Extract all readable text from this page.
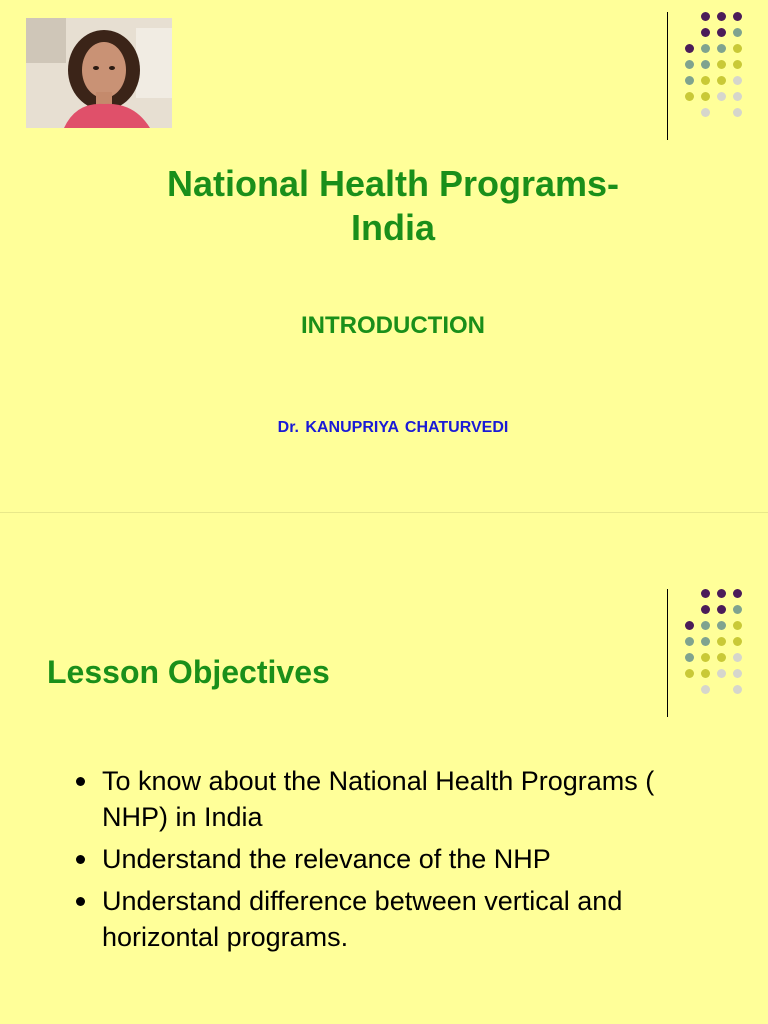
National Health Programs-
India
INTRODUCTION
Dr. KANUPRIYA CHATURVEDI
Lesson Objectives
To know about the National Health Programs ( NHP) in India
Understand the relevance of the NHP
Understand difference between vertical and horizontal programs.
